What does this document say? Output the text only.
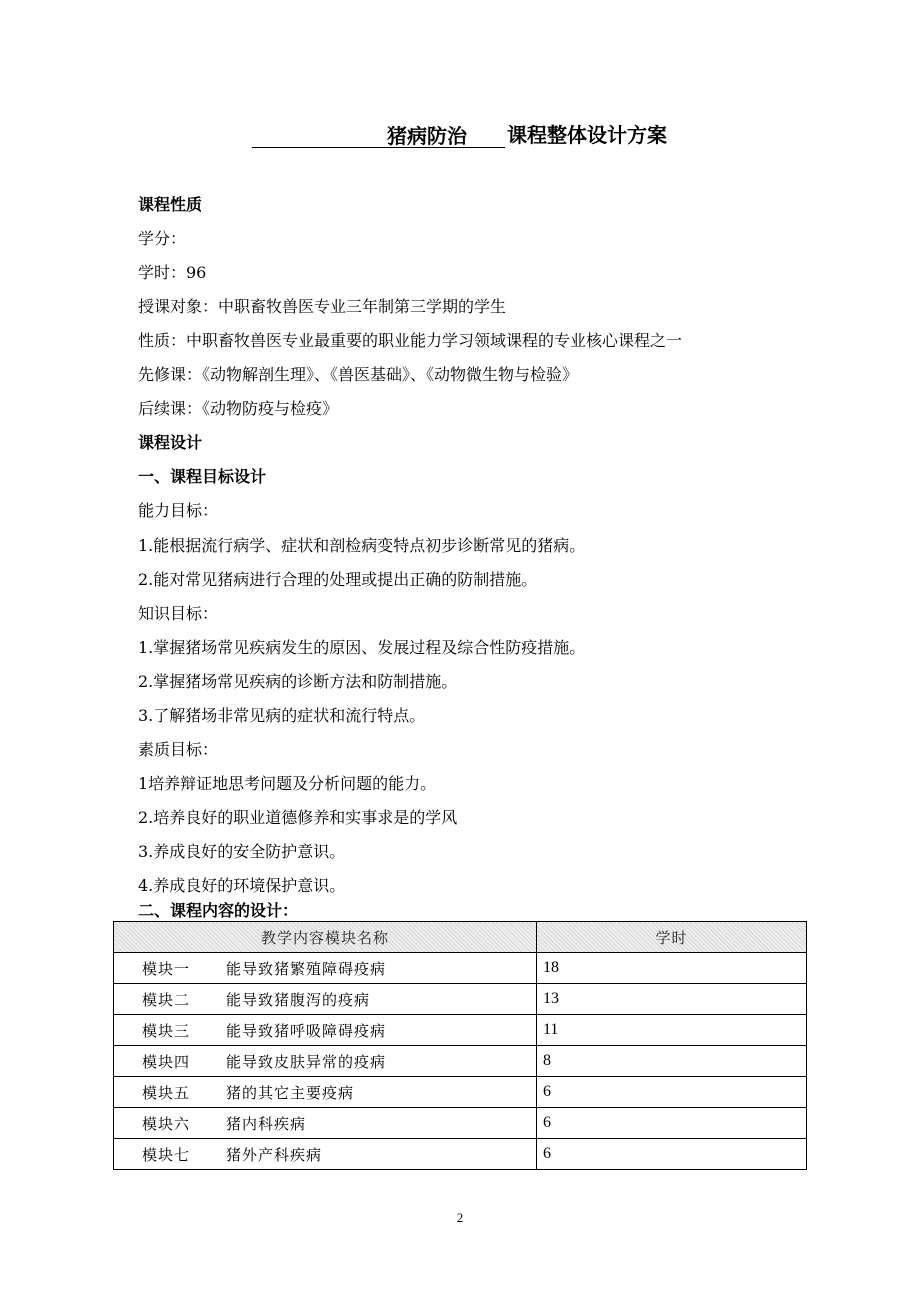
猪病防治 课程整体设计方案
课程性质
学分：
学时：96
授课对象：中职畜牧兽医专业三年制第三学期的学生
性质：中职畜牧兽医专业最重要的职业能力学习领域课程的专业核心课程之一
先修课：《动物解剖生理》、《兽医基础》、《动物微生物与检验》
后续课：《动物防疫与检疫》
课程设计
一、课程目标设计
能力目标：
1.能根据流行病学、症状和剖检病变特点初步诊断常见的猪病。
2.能对常见猪病进行合理的处理或提出正确的防制措施。
知识目标：
1.掌握猪场常见疾病发生的原因、发展过程及综合性防疫措施。
2.掌握猪场常见疾病的诊断方法和防制措施。
3.了解猪场非常见病的症状和流行特点。
素质目标：
1培养辩证地思考问题及分析问题的能力。
2.培养良好的职业道德修养和实事求是的学风
3.养成良好的安全防护意识。
4.养成良好的环境保护意识。
二、课程内容的设计：
教学内容模块名称	学时
模块一 能导致猪繁殖障碍疫病	18
模块二 能导致猪腹泻的疫病	13
模块三 能导致猪呼吸障碍疫病	11
模块四 能导致皮肤异常的疫病	8
模块五 猪的其它主要疫病	6
模块六 猪内科疾病	6
模块七 猪外产科疾病	6
2
